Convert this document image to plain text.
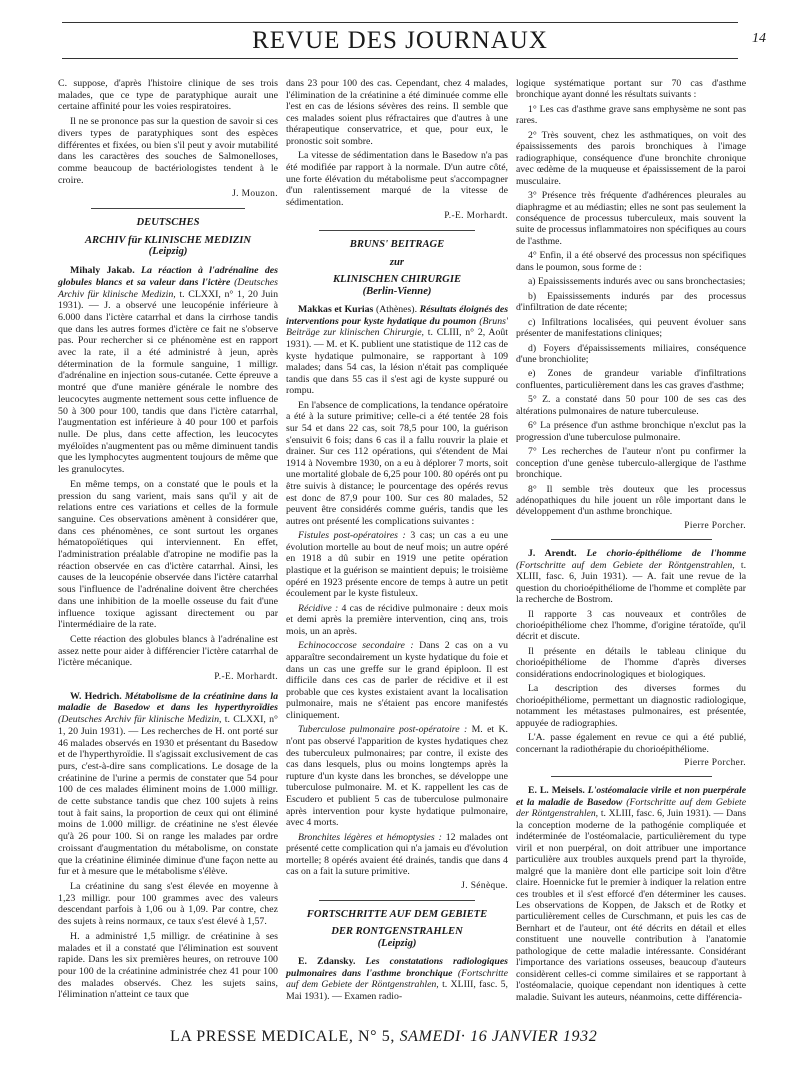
REVUE DES JOURNAUX	14

C. suppose, d'après l'histoire clinique de ses trois malades, que ce type de paratyphique aurait une certaine affinité pour les voies respiratoires.

Il ne se prononce pas sur la question de savoir si ces divers types de paratyphiques sont des espèces différentes et fixées, ou bien s'il peut y avoir mutabilité dans les caractères des souches de Salmonelloses, comme beaucoup de bactériologistes tendent à le croire.

J. Mouzon.
DEUTSCHES
ARCHIV für KLINISCHE MEDIZIN
(Leipzig)

Mihaly Jakab. La réaction à l'adrénaline des globules blancs et sa valeur dans l'ictère (Deutsches Archiv für klinische Medizin, t. CLXXI, n° 1, 20 Juin 1931). — J. a observé une leucopénie inférieure à 6.000 dans l'ictère catarrhal et dans la cirrhose tandis que dans les autres formes d'ictère ce fait ne s'observe pas. Pour rechercher si ce phénomène est en rapport avec la rate, il a été administré à jeun, après détermination de la formule sanguine, 1 milligr. d'adrénaline en injection sous-cutanée. Cette épreuve a montré que d'une manière générale le nombre des leucocytes augmente nettement sous cette influence de 50 à 300 pour 100, tandis que dans l'ictère catarrhal, l'augmentation est inférieure à 40 pour 100 et parfois nulle. De plus, dans cette affection, les leucocytes myéloïdes n'augmentent pas ou même diminuent tandis que les lymphocytes augmentent toujours de même que les granulocytes.

En même temps, on a constaté que le pouls et la pression du sang varient, mais sans qu'il y ait de relations entre ces variations et celles de la formule sanguine. Ces observations amènent à considérer que, dans ces phénomènes, ce sont surtout les organes hématopoïétiques qui interviennent. En effet, l'administration préalable d'atropine ne modifie pas la réaction observée en cas d'ictère catarrhal. Ainsi, les causes de la leucopénie observée dans l'ictère catarrhal sous l'influence de l'adrénaline doivent être cherchées dans une inhibition de la moelle osseuse du fait d'une influence toxique agissant directement ou par l'intermédiaire de la rate.

Cette réaction des globules blancs à l'adrénaline est assez nette pour aider à différencier l'ictère catarrhal de l'ictère mécanique.

P.-E. Morhardt.

W. Hedrich. Métabolisme de la créatinine dans la maladie de Basedow et dans les hyperthyroïdies (Deutsches Archiv für klinische Medizin, t. CLXXI, n° 1, 20 Juin 1931). — Les recherches de H. ont porté sur 46 malades observés en 1930 et présentant du Basedow et de l'hyperthyroïdie. Il s'agissait exclusivement de cas purs, c'est-à-dire sans complications. Le dosage de la créatinine de l'urine a permis de constater que 54 pour 100 de ces malades éliminent moins de 1.000 milligr. de cette substance tandis que chez 100 sujets à reins tout à fait sains, la proportion de ceux qui ont éliminé moins de 1.000 milligr. de créatinine ne s'est élevée qu'à 26 pour 100. Si on range les malades par ordre croissant d'augmentation du métabolisme, on constate que la créatinine éliminée diminue d'une façon nette au fur et à mesure que le métabolisme s'élève.

La créatinine du sang s'est élevée en moyenne à 1,23 milligr. pour 100 grammes avec des valeurs descendant parfois à 1,06 ou à 1,09. Par contre, chez des sujets à reins normaux, ce taux s'est élevé à 1,57.

H. a administré 1,5 milligr. de créatinine à ses malades et il a constaté que l'élimination est souvent rapide. Dans les six premières heures, on retrouve 100 pour 100 de la créatinine administrée chez 41 pour 100 des malades observés. Chez les sujets sains, l'élimination n'atteint ce taux que

dans 23 pour 100 des cas. Cependant, chez 4 malades, l'élimination de la créatinine a été diminuée comme elle l'est en cas de lésions sévères des reins. Il semble que ces malades soient plus réfractaires que d'autres à une thérapeutique conservatrice, et que, pour eux, le pronostic soit sombre.

La vitesse de sédimentation dans le Basedow n'a pas été modifiée par rapport à la normale. D'un autre côté, une forte élévation du métabolisme peut s'accompagner d'un ralentissement marqué de la vitesse de sédimentation.

P.-E. Morhardt.
BRUNS' BEITRAGE
zur
KLINISCHEN CHIRURGIE
(Berlin-Vienne)

Makkas et Kurias (Athènes). Résultats éloignés des interventions pour kyste hydatique du poumon (Bruns' Beiträge zur klinischen Chirurgie, t. CLIII, n° 2, Août 1931). — M. et K. publient une statistique de 112 cas de kyste hydatique pulmonaire, se rapportant à 109 malades; dans 54 cas, la lésion n'était pas compliquée tandis que dans 55 cas il s'est agi de kyste suppuré ou rompu.

En l'absence de complications, la tendance opératoire a été à la suture primitive; celle-ci a été tentée 28 fois sur 54 et dans 22 cas, soit 78,5 pour 100, la guérison s'ensuivit 6 fois; dans 6 cas il a fallu rouvrir la plaie et drainer. Sur ces 112 opérations, qui s'étendent de Mai 1914 à Novembre 1930, on a eu à déplorer 7 morts, soit une mortalité globale de 6,25 pour 100. 80 opérés ont pu être suivis à distance; le pourcentage des opérés revus est donc de 87,9 pour 100. Sur ces 80 malades, 52 peuvent être considérés comme guéris, tandis que les autres ont présenté les complications suivantes :

Fistules post-opératoires : 3 cas; un cas a eu une évolution mortelle au bout de neuf mois; un autre opéré en 1918 a dû subir en 1919 une petite opération plastique et la guérison se maintient depuis; le troisième opéré en 1923 présente encore de temps à autre un petit écoulement par le kyste fistuleux.

Récidive : 4 cas de récidive pulmonaire : deux mois et demi après la première intervention, cinq ans, trois mois, un an après.

Echinococcose secondaire : Dans 2 cas on a vu apparaître secondairement un kyste hydatique du foie et dans un cas une greffe sur le grand épiploon. Il est difficile dans ces cas de parler de récidive et il est probable que ces kystes existaient avant la localisation pulmonaire, mais ne s'étaient pas encore manifestés cliniquement.

Tuberculose pulmonaire post-opératoire : M. et K. n'ont pas observé l'apparition de kystes hydatiques chez des tuberculeux pulmonaires; par contre, il existe des cas dans lesquels, plus ou moins longtemps après la rupture d'un kyste dans les bronches, se développe une tuberculose pulmonaire. M. et K. rappellent les cas de Escudero et publient 5 cas de tuberculose pulmonaire après intervention pour kyste hydatique pulmonaire, avec 4 morts.

Bronchites légères et hémoptysies : 12 malades ont présenté cette complication qui n'a jamais eu d'évolution mortelle; 8 opérés avaient été drainés, tandis que dans 4 cas on a fait la suture primitive.

J. Sénèque.
FORTSCHRITTE AUF DEM GEBIETE
DER RONTGENSTRAHLEN
(Leipzig)

E. Zdansky. Les constatations radiologiques pulmonaires dans l'asthme bronchique (Fortschritte auf dem Gebiete der Röntgenstrahlen, t. XLIII, fasc. 5, Mai 1931). — Examen radio-

logique systématique portant sur 70 cas d'asthme bronchique ayant donné les résultats suivants :

1° Les cas d'asthme grave sans emphysème ne sont pas rares.

2° Très souvent, chez les asthmatiques, on voit des épaississements des parois bronchiques à l'image radiographique, conséquence d'une bronchite chronique avec œdème de la muqueuse et épaississement de la paroi musculaire.

3° Présence très fréquente d'adhérences pleurales au diaphragme et au médiastin; elles ne sont pas seulement la conséquence de processus tuberculeux, mais souvent la suite de processus inflammatoires non spécifiques au cours de l'asthme.

4° Enfin, il a été observé des processus non spécifiques dans le poumon, sous forme de :

a) Epaississements indurés avec ou sans bronchectasies;

b) Epaississements indurés par des processus d'infiltration de date récente;

c) Infiltrations localisées, qui peuvent évoluer sans présenter de manifestations cliniques;

d) Foyers d'épaississements miliaires, conséquence d'une bronchiolite;

e) Zones de grandeur variable d'infiltrations confluentes, particulièrement dans les cas graves d'asthme;

5° Z. a constaté dans 50 pour 100 de ses cas des altérations pulmonaires de nature tuberculeuse.

6° La présence d'un asthme bronchique n'exclut pas la progression d'une tuberculose pulmonaire.

7° Les recherches de l'auteur n'ont pu confirmer la conception d'une genèse tuberculo-allergique de l'asthme bronchique.

8° Il semble très douteux que les processus adénopathiques du hile jouent un rôle important dans le développement d'un asthme bronchique.

Pierre Porcher.

J. Arendt. Le chorio-épithéliome de l'homme (Fortschritte auf dem Gebiete der Röntgenstrahlen, t. XLIII, fasc. 6, Juin 1931). — A. fait une revue de la question du chorioépithéliome de l'homme et complète par la recherche de Bostrom.

Il rapporte 3 cas nouveaux et contrôles de chorioépithéliome chez l'homme, d'origine tératoïde, qu'il décrit et discute.

Il présente en détails le tableau clinique du chorioépithéliome de l'homme d'après diverses considérations endocrinologiques et biologiques.

La description des diverses formes du chorioépithéliome, permettant un diagnostic radiologique, notamment les métastases pulmonaires, est présentée, appuyée de radiographies.

L'A. passe également en revue ce qui a été publié, concernant la radiothérapie du chorioépithéliome.

Pierre Porcher.

E. L. Meisels. L'ostéomalacie virile et non puerpérale et la maladie de Basedow (Fortschritte auf dem Gebiete der Röntgenstrahlen, t. XLIII, fasc. 6, Juin 1931). — Dans la conception moderne de la pathogénie compliquée et indéterminée de l'ostéomalacie, particulièrement du type viril et non puerpéral, on doit attribuer une importance particulière aux troubles auxquels prend part la thyroïde, malgré que la manière dont elle participe soit loin d'être claire. Hoennicke fut le premier à indiquer la relation entre ces troubles et il s'est efforcé d'en déterminer les causes. Les observations de Koppen, de Jaksch et de Rotky et particulièrement celles de Curschmann, et puis les cas de Bernhart et de l'auteur, ont été décrits en détail et elles constituent une nouvelle contribution à l'anatomie pathologique de cette maladie intéressante. Considérant l'importance des variations osseuses, beaucoup d'auteurs considèrent celles-ci comme similaires et se rapportant à l'ostéomalacie, quoique cependant non identiques à cette maladie. Suivant les auteurs, néanmoins, cette différencia-

LA PRESSE MEDICALE, N° 5, SAMEDI· 16 JANVIER 1932
